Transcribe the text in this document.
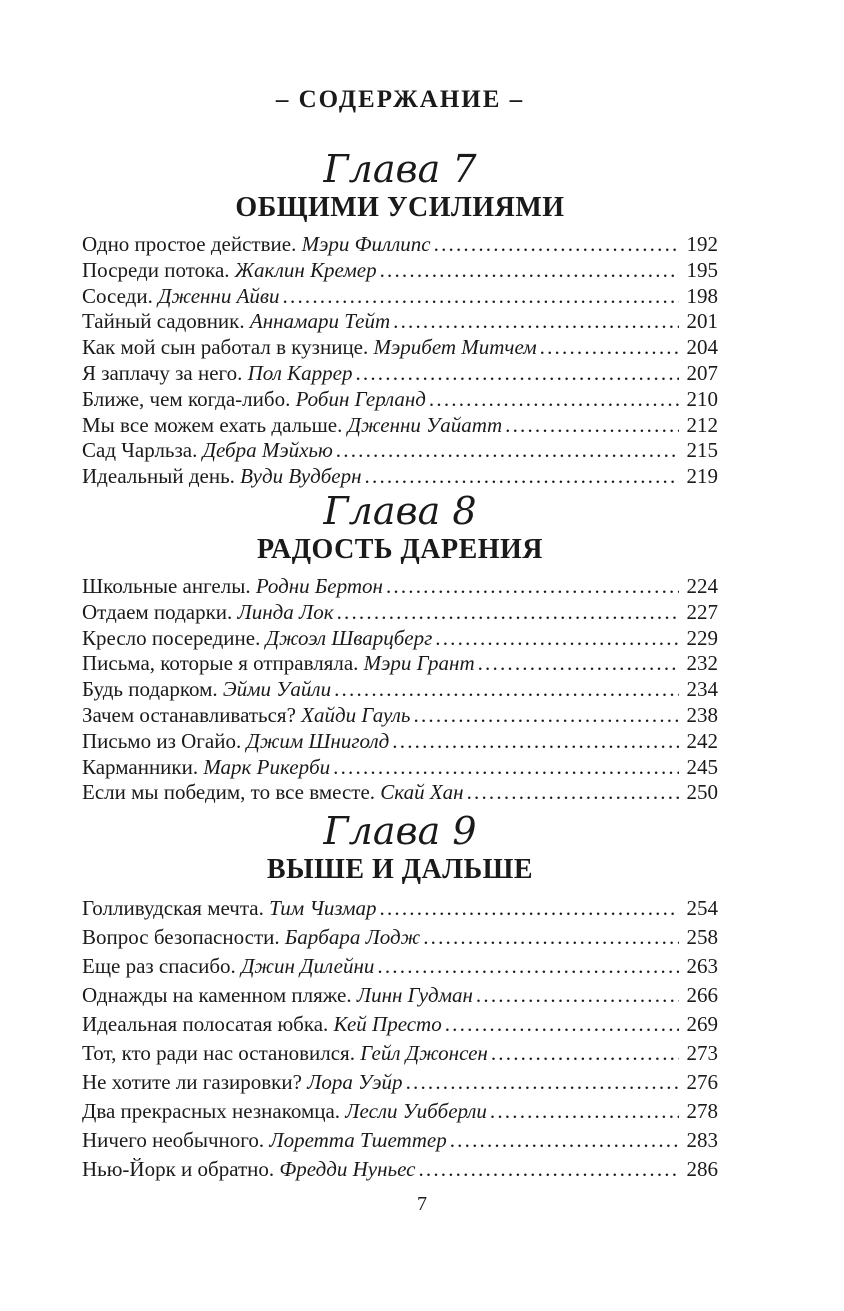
– СОДЕРЖАНИЕ –
Глава 7
ОБЩИМИ УСИЛИЯМИ
Одно простое действие. Мэри Филлипс .....	192
Посреди потока. Жаклин Кремер .....	195
Соседи. Дженни Айви .....	198
Тайный садовник. Аннамари Тейт .....	201
Как мой сын работал в кузнице. Мэрибет Митчем .....	204
Я заплачу за него. Пол Каррер .....	207
Ближе, чем когда-либо. Робин Герланд .....	210
Мы все можем ехать дальше. Дженни Уайатт .....	212
Сад Чарльза. Дебра Мэйхью .....	215
Идеальный день. Вуди Вудберн .....	219
Глава 8
РАДОСТЬ ДАРЕНИЯ
Школьные ангелы. Родни Бертон .....	224
Отдаем подарки. Линда Лок .....	227
Кресло посередине. Джоэл Шварцберг .....	229
Письма, которые я отправляла. Мэри Грант .....	232
Будь подарком. Эйми Уайли .....	234
Зачем останавливаться? Хайди Гауль .....	238
Письмо из Огайо. Джим Шниголд .....	242
Карманники. Марк Рикерби .....	245
Если мы победим, то все вместе. Скай Хан .....	250
Глава 9
ВЫШЕ И ДАЛЬШЕ
Голливудская мечта. Тим Чизмар .....	254
Вопрос безопасности. Барбара Лодж .....	258
Еще раз спасибо. Джин Дилейни .....	263
Однажды на каменном пляже. Линн Гудман .....	266
Идеальная полосатая юбка. Кей Престо .....	269
Тот, кто ради нас остановился. Гейл Джонсен .....	273
Не хотите ли газировки? Лора Уэйр .....	276
Два прекрасных незнакомца. Лесли Уибберли .....	278
Ничего необычного. Лоретта Тшеттер .....	283
Нью-Йорк и обратно. Фредди Нуньес .....	286
7
